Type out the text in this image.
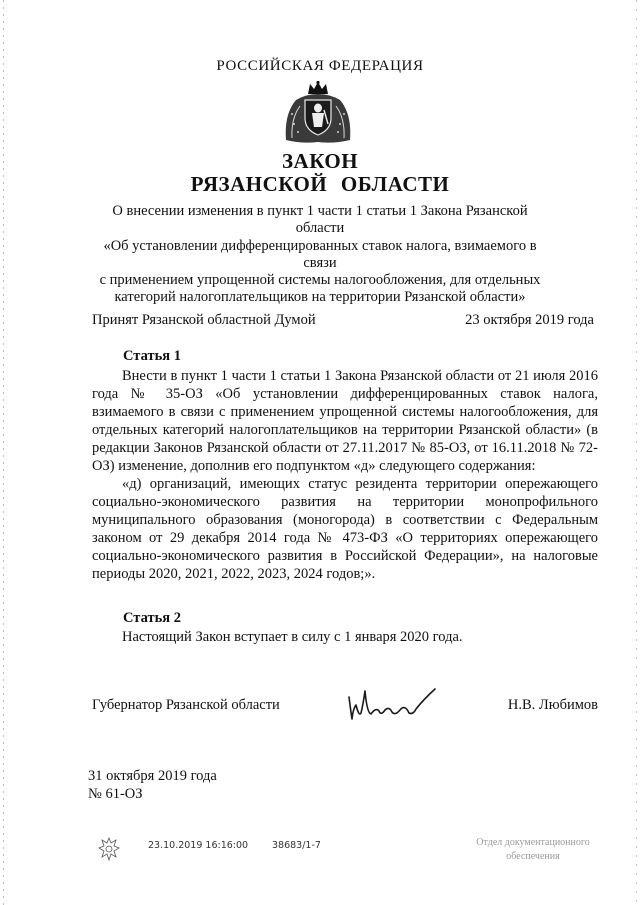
РОССИЙСКАЯ ФЕДЕРАЦИЯ
ЗАКОН
РЯЗАНСКОЙ ОБЛАСТИ
О внесении изменения в пункт 1 части 1 статьи 1 Закона Рязанской области
«Об установлении дифференцированных ставок налога, взимаемого в связи
с применением упрощенной системы налогообложения, для отдельных
категорий налогоплательщиков на территории Рязанской области»
Принят Рязанской областной Думой	23 октября 2019 года
Статья 1

Внести в пункт 1 части 1 статьи 1 Закона Рязанской области от 21 июля 2016 года № 35-ОЗ «Об установлении дифференцированных ставок налога, взимаемого в связи с применением упрощенной системы налогообложения, для отдельных категорий налогоплательщиков на территории Рязанской области» (в редакции Законов Рязанской области от 27.11.2017 № 85-ОЗ, от 16.11.2018 № 72-ОЗ) изменение, дополнив его подпунктом «д» следующего содержания:

«д) организаций, имеющих статус резидента территории опережающего социально-экономического развития на территории монопрофильного муниципального образования (моногорода) в соответствии с Федеральным законом от 29 декабря 2014 года № 473-ФЗ «О территориях опережающего социально-экономического развития в Российской Федерации», на налоговые периоды 2020, 2021, 2022, 2023, 2024 годов;».

Статья 2

Настоящий Закон вступает в силу с 1 января 2020 года.

Губернатор Рязанской области	Н.В. Любимов
31 октября 2019 года
№ 61-ОЗ
23.10.2019 16:16:00	38683/1-7	Отдел документационного
обеспечения
